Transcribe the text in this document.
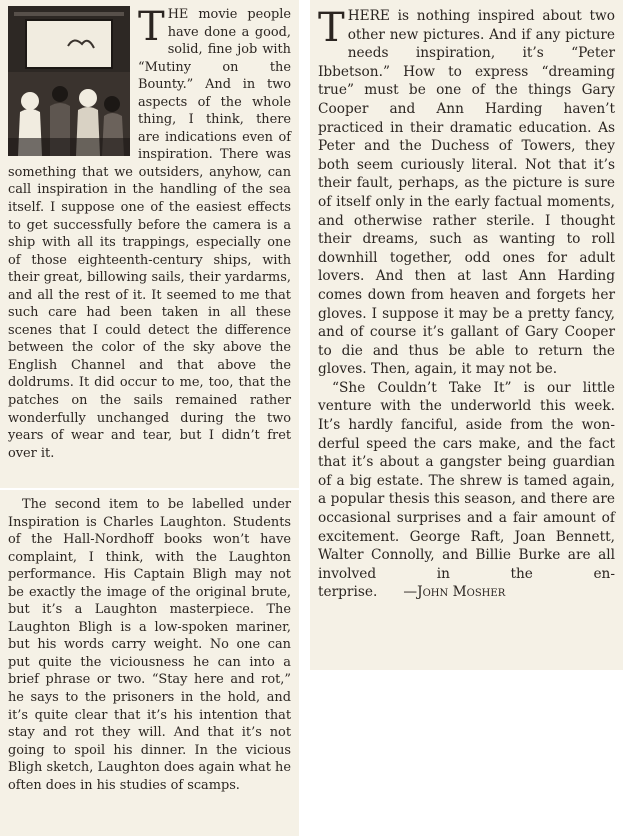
T HE movie people have done a good, solid, fine job with “Mutiny on the Bounty.” And in two aspects of the whole thing, I think, there are indications even of inspiration. There was something that we outsiders, anyhow, can call inspiration in the handling of the sea itself. I suppose one of the easiest effects to get successfully before the camera is a ship with all its trappings, especially one of those eighteenth-century ships, with their great, billowing sails, their yardarms, and all the rest of it. It seemed to me that such care had been taken in all these scenes that I could detect the difference between the color of the sky above the English Channel and that above the doldrums. It did occur to me, too, that the patches on the sails remained rather wonderfully unchanged during the two years of wear and tear, but I didn’t fret over it.

The second item to be labelled under Inspiration is Charles Laughton. Students of the Hall-Nordhoff books won’t have complaint, I think, with the Laughton performance. His Captain Bligh may not be exactly the image of the original brute, but it’s a Laughton masterpiece. The Laughton Bligh is a low-spoken mariner, but his words carry weight. No one can put quite the viciousness he can into a brief phrase or two. “Stay here and rot,” he says to the prisoners in the hold, and it’s quite clear that it’s his intention that stay and rot they will. And that it’s not going to spoil his dinner. In the vicious Bligh sketch, Laughton does again what he often does in his studies of scamps.

T HERE is nothing inspired about two other new pictures. And if any picture needs inspiration, it’s “Peter Ibbetson.” How to express “dreaming true” must be one of the things Gary Cooper and Ann Harding haven’t practiced in their dramatic education. As Peter and the Duchess of Towers, they both seem curiously literal. Not that it’s their fault, perhaps, as the picture is sure of itself only in the early factual moments, and otherwise rather sterile. I thought their dreams, such as wanting to roll downhill together, odd ones for adult lovers. And then at last Ann Harding comes down from heaven and forgets her gloves. I suppose it may be a pretty fancy, and of course it’s gallant of Gary Cooper to die and thus be able to return the gloves. Then, again, it may not be.

“She Couldn’t Take It” is our little venture with the underworld this week. It’s hardly fanciful, aside from the wonderful speed the cars make, and the fact that it’s about a gangster being guardian of a big estate. The shrew is tamed again, a popular thesis this season, and there are occasional surprises and a fair amount of excitement. George Raft, Joan Bennett, Walter Connolly, and Billie Burke are all involved in the enterprise. —John Mosher
